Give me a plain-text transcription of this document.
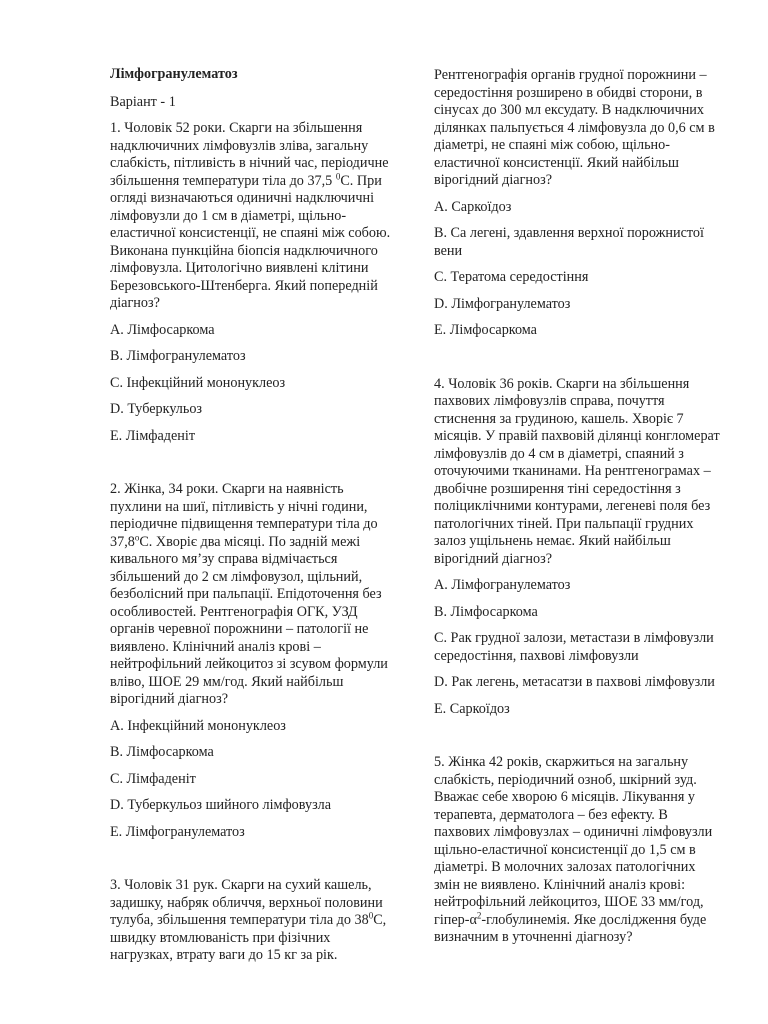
Лімфогранулематоз

Варіант - 1

1. Чоловік 52 роки. Скарги на збільшення надключичних лімфовузлів зліва, загальну слабкість, пітливість в нічний час, періодичне збільшення температури тіла до 37,5 $^0$С. При огляді визначаються одиничні надключичні лімфовузли до 1 см в діаметрі, щільно-еластичної консистенції, не спаяні між собою. Виконана пункційна біопсія надключичного лімфовузла. Цитологічно виявлені клітини Березовського-Штенберга. Який попередній діагноз?

A. Лімфосаркома

B. Лімфогранулематоз

C. Інфекційний мононуклеоз

D. Туберкульоз

E. Лімфаденіт

2. Жінка, 34 роки. Скарги на наявність пухлини на шиї, пітливість у нічні години, періодичне підвищення температури тіла до $37,8^оС$. Хворіє два місяці. По задній межі кивального мя’зу справа відмічається збільшений до 2 см лімфовузол, щільний, безболісний при пальпації. Епідоточення без особливостей. Рентгенографія ОГК, УЗД органів черевної порожнини – патології не виявлено. Клінічний аналіз крові – нейтрофільний лейкоцитоз зі зсувом формули вліво, ШОЕ 29 мм/год. Який найбільш вірогідний діагноз?

A. Інфекційний мононуклеоз

B. Лімфосаркома

C. Лімфаденіт

D. Туберкульоз шийного лімфовузла

E. Лімфогранулематоз

3. Чоловік 31 рук. Скарги на сухий кашель, задишку, набряк обличчя, верхньої половини тулуба, збільшення температури тіла до $38^0С$, швидку втомлюваність при фізічних нагрузках, втрату ваги до 15 кг за рік.

Рентгенографія органів грудної порожнини – середостіння розширено в обидві сторони, в сінусах до 300 мл ексудату. В надключичних ділянках пальпується 4 лімфовузла до 0,6 см в діаметрі, не спаяні між собою, щільно-еластичної консистенції. Який найбільш вірогідний діагноз?

A. Саркоїдоз

B. Са легені, здавлення верхної порожнистої вени

C. Тератома середостіння

D. Лімфогранулематоз

E. Лімфосаркома

4. Чоловік 36 років. Скарги на збільшення пахвових лімфовузлів справа, почуття стиснення за грудиною, кашель. Хворіє 7 місяців. У правій пахвовій ділянці конгломерат лімфовузлів до 4 см в діаметрі, спаяний з оточуючими тканинами. На рентгенограмах – двобічне розширення тіні середостіння з поліциклічними контурами, легеневі поля без патологічних тіней. При пальпації грудних залоз ущільнень немає. Який найбільш вірогідний діагноз?

A. Лімфогранулематоз

B. Лімфосаркома

C. Рак грудної залози, метастази в лімфовузли середостіння, пахвові лімфовузли

D. Рак легень, метасатзи в пахвові лімфовузли

E. Саркоїдоз

5. Жінка 42 років, скаржиться на загальну слабкість, періодичний озноб, шкірний зуд. Вважає себе хворою 6 місяців. Лікування у терапевта, дерматолога – без ефекту. В пахвових лімфовузлах – одиничні лімфовузли щільно-еластичної консистенції до 1,5 см в діаметрі. В молочних залозах патологічних змін не виявлено. Клінічний аналіз крові: нейтрофільний лейкоцитоз, ШОЕ 33 мм/год, гіпер-$\alpha^2$-глобулинемія. Яке дослідження буде визначним в уточненні діагнозу?
